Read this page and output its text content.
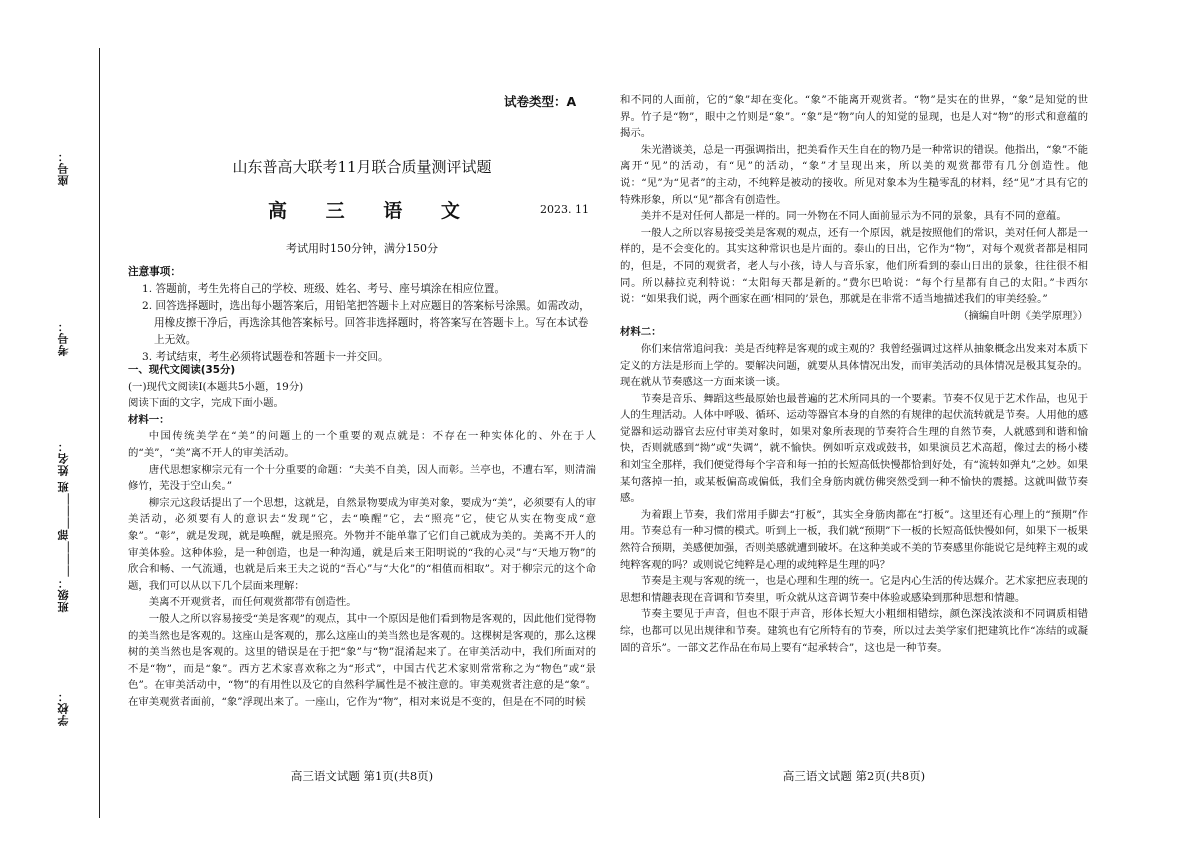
座号：
考号：
班级：＿＿＿部＿＿＿班 姓名：
学校：
试卷类型：A
山东普高大联考11月联合质量测评试题
高 三 语 文	2023. 11
考试用时150分钟，满分150分
注意事项：
1. 答题前，考生先将自己的学校、班级、姓名、考号、座号填涂在相应位置。
2. 回答选择题时，选出每小题答案后，用铅笔把答题卡上对应题目的答案标号涂黑。如需改动，用橡皮擦干净后，再选涂其他答案标号。回答非选择题时，将答案写在答题卡上。写在本试卷上无效。
3. 考试结束，考生必须将试题卷和答题卡一并交回。

一、现代文阅读(35分)

(一)现代文阅读Ⅰ(本题共5小题，19分)

阅读下面的文字，完成下面小题。

材料一：

中国传统美学在“美”的问题上的一个重要的观点就是：不存在一种实体化的、外在于人的“美”，“美”离不开人的审美活动。

唐代思想家柳宗元有一个十分重要的命题：“夫美不自美，因人而彰。兰亭也，不遭右军，则清湍修竹，芜没于空山矣。”

柳宗元这段话提出了一个思想，这就是，自然景物要成为审美对象，要成为“美”，必须要有人的审美活动，必须要有人的意识去“发现”它，去“唤醒”它，去“照亮”它，使它从实在物变成“意象”。“彰”，就是发现，就是唤醒，就是照亮。外物并不能单靠了它们自己就成为美的。美离不开人的审美体验。这种体验，是一种创造，也是一种沟通，就是后来王阳明说的“我的心灵”与“天地万物”的欣合和畅、一气流通，也就是后来王夫之说的“吾心”与“大化”的“相值而相取”。对于柳宗元的这个命题，我们可以从以下几个层面来理解：

美离不开观赏者，而任何观赏都带有创造性。

一般人之所以容易接受“美是客观”的观点，其中一个原因是他们看到物是客观的，因此他们觉得物的美当然也是客观的。这座山是客观的，那么这座山的美当然也是客观的。这棵树是客观的，那么这棵树的美当然也是客观的。这里的错误是在于把“象”与“物”混淆起来了。在审美活动中，我们所面对的不是“物”，而是“象”。西方艺术家喜欢称之为“形式”，中国古代艺术家则常常称之为“物色”或“景色”。在审美活动中，“物”的有用性以及它的自然科学属性是不被注意的。审美观赏者注意的是“象”。在审美观赏者面前，“象”浮现出来了。一座山，它作为“物”，相对来说是不变的，但是在不同的时候

高三语文试题 第1页(共8页)

和不同的人面前，它的“象”却在变化。“象”不能离开观赏者。“物”是实在的世界，“象”是知觉的世界。竹子是“物”，眼中之竹则是“象”。“象”是“物”向人的知觉的显现，也是人对“物”的形式和意蕴的揭示。

朱光潜谈美，总是一再强调指出，把美看作天生自在的物乃是一种常识的错误。他指出，“象”不能离开“见”的活动，有“见”的活动，“象”才呈现出来，所以美的观赏都带有几分创造性。他说：“见”为“见者”的主动，不纯粹是被动的接收。所见对象本为生糙零乱的材料，经“见”才具有它的特殊形象，所以“见”都含有创造性。

美并不是对任何人都是一样的。同一外物在不同人面前显示为不同的景象，具有不同的意蕴。

一般人之所以容易接受美是客观的观点，还有一个原因，就是按照他们的常识，美对任何人都是一样的，是不会变化的。其实这种常识也是片面的。泰山的日出，它作为“物”，对每个观赏者都是相同的，但是，不同的观赏者，老人与小孩，诗人与音乐家，他们所看到的泰山日出的景象，往往很不相同。所以赫拉克利特说：“太阳每天都是新的。”费尔巴哈说：“每个行星都有自己的太阳。”卡西尔说：“如果我们说，两个画家在画‘相同的’景色，那就是在非常不适当地描述我们的审美经验。”

（摘编自叶朗《美学原理》）

材料二：

你们来信常追问我：美是否纯粹是客观的或主观的？我曾经强调过这样从抽象概念出发来对本质下定义的方法是形而上学的。要解决问题，就要从具体情况出发，而审美活动的具体情况是极其复杂的。现在就从节奏感这一方面来谈一谈。

节奏是音乐、舞蹈这些最原始也最普遍的艺术所同具的一个要素。节奏不仅见于艺术作品，也见于人的生理活动。人体中呼吸、循环、运动等器官本身的自然的有规律的起伏流转就是节奏。人用他的感觉器和运动器官去应付审美对象时，如果对象所表现的节奏符合生理的自然节奏，人就感到和谐和愉快，否则就感到“拗”或“失调”，就不愉快。例如听京戏或鼓书，如果演员艺术高超，像过去的杨小楼和刘宝全那样，我们便觉得每个字音和每一拍的长短高低快慢都恰到好处，有“流转如弹丸”之妙。如果某句落掉一拍，或某板偏高或偏低，我们全身筋肉就仿佛突然受到一种不愉快的震撼。这就叫做节奏感。

为着跟上节奏，我们常用手脚去“打板”，其实全身筋肉都在“打板”。这里还有心理上的“预期”作用。节奏总有一种习惯的模式。听到上一板，我们就“预期”下一板的长短高低快慢如何，如果下一板果然符合预期，美感便加强，否则美感就遭到破坏。在这种美或不美的节奏感里你能说它是纯粹主观的或纯粹客观的吗？或则说它纯粹是心理的或纯粹是生理的吗？

节奏是主观与客观的统一，也是心理和生理的统一。它是内心生活的传达媒介。艺术家把应表现的思想和情趣表现在音调和节奏里，听众就从这音调节奏中体验或感染到那种思想和情趣。

节奏主要见于声音，但也不限于声音，形体长短大小粗细相错综，颜色深浅浓淡和不同调质相错综，也都可以见出规律和节奏。建筑也有它所特有的节奏，所以过去美学家们把建筑比作“冻结的或凝固的音乐”。一部文艺作品在布局上要有“起承转合”，这也是一种节奏。

高三语文试题 第2页(共8页)
